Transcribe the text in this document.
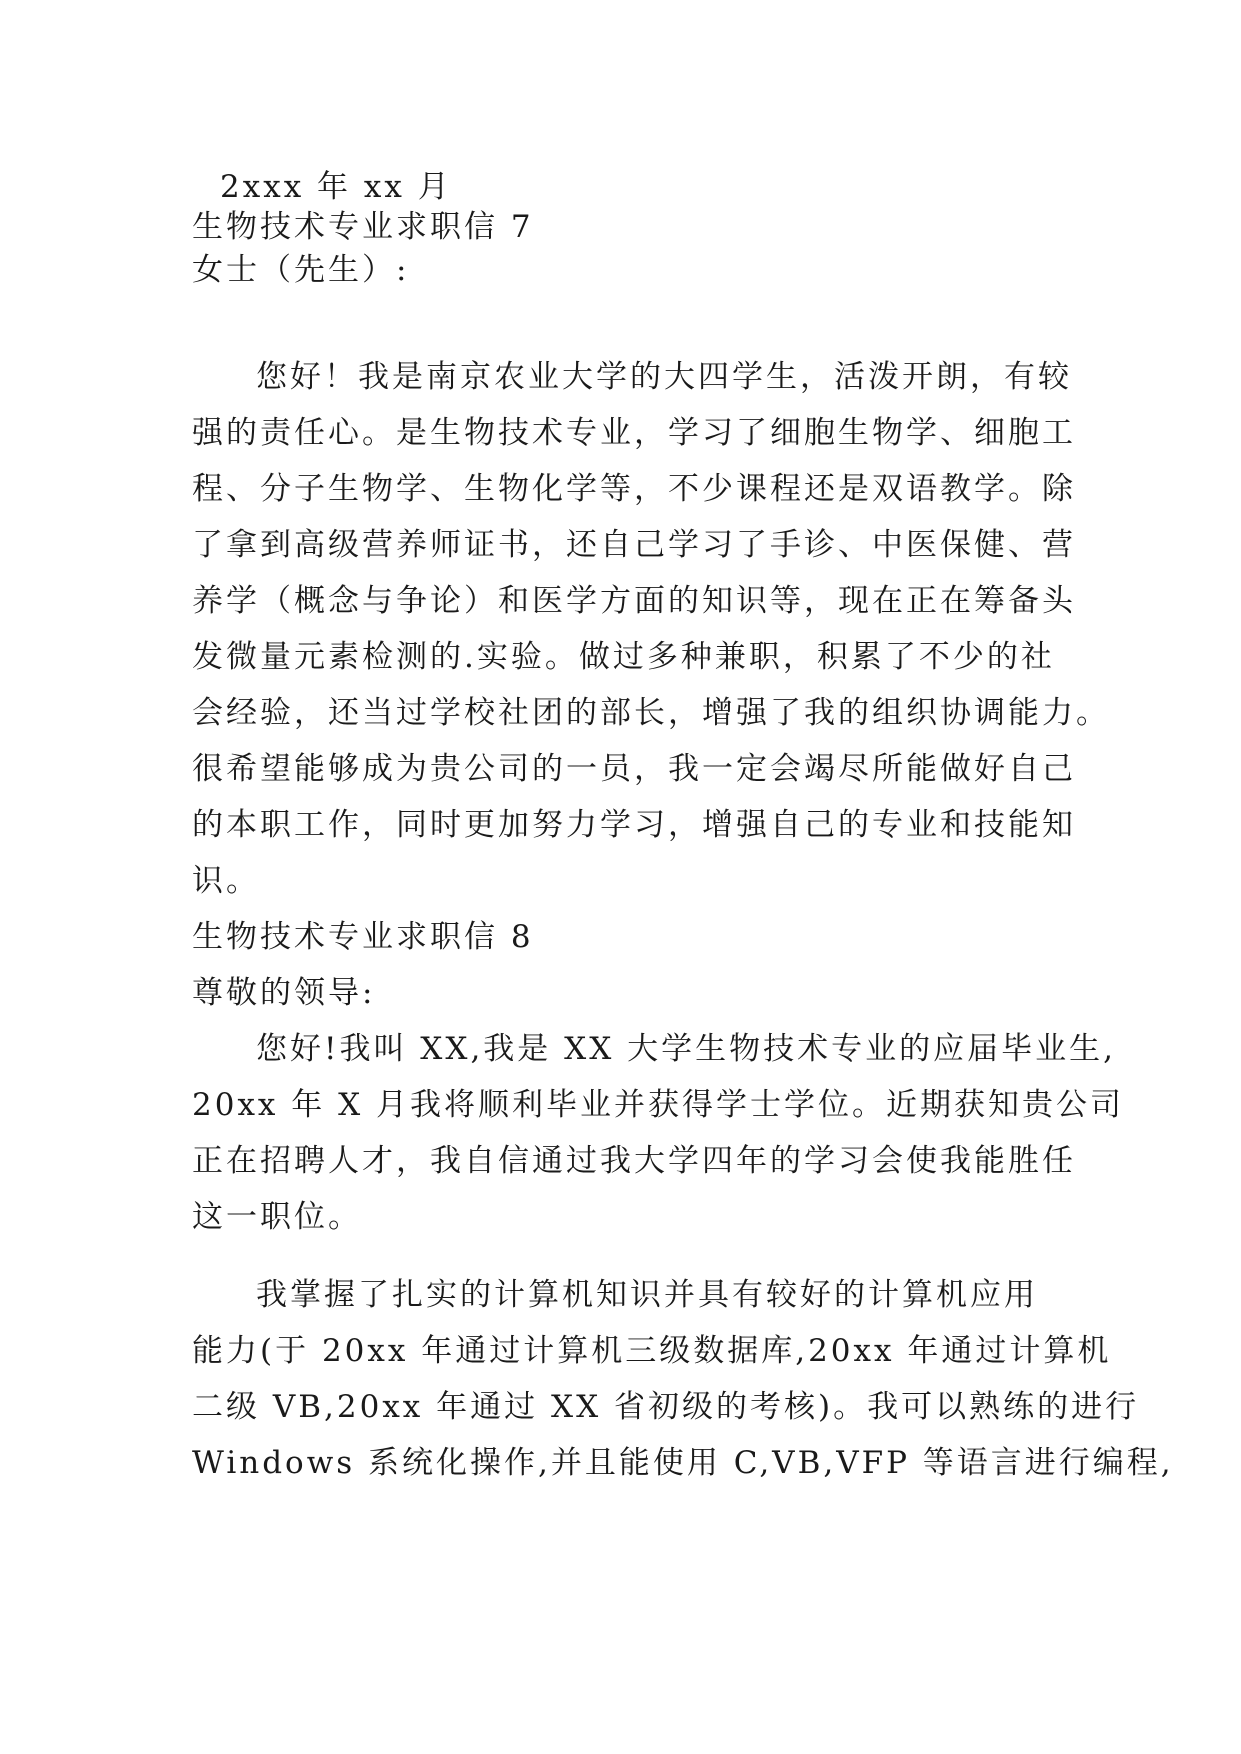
2xxx 年 xx 月
生物技术专业求职信 7
女士（先生）:
您好！我是南京农业大学的大四学生，活泼开朗，有较
强的责任心。是生物技术专业，学习了细胞生物学、细胞工
程、分子生物学、生物化学等，不少课程还是双语教学。除
了拿到高级营养师证书，还自己学习了手诊、中医保健、营
养学（概念与争论）和医学方面的知识等，现在正在筹备头
发微量元素检测的.实验。做过多种兼职，积累了不少的社
会经验，还当过学校社团的部长，增强了我的组织协调能力。
很希望能够成为贵公司的一员，我一定会竭尽所能做好自己
的本职工作，同时更加努力学习，增强自己的专业和技能知
识。
生物技术专业求职信 8
尊敬的领导:
您好!我叫 XX,我是 XX 大学生物技术专业的应届毕业生,
20xx 年 X 月我将顺利毕业并获得学士学位。近期获知贵公司
正在招聘人才，我自信通过我大学四年的学习会使我能胜任
这一职位。
我掌握了扎实的计算机知识并具有较好的计算机应用
能力(于 20xx 年通过计算机三级数据库,20xx 年通过计算机
二级 VB,20xx 年通过 XX 省初级的考核)。我可以熟练的进行
Windows 系统化操作,并且能使用 C,VB,VFP 等语言进行编程,
